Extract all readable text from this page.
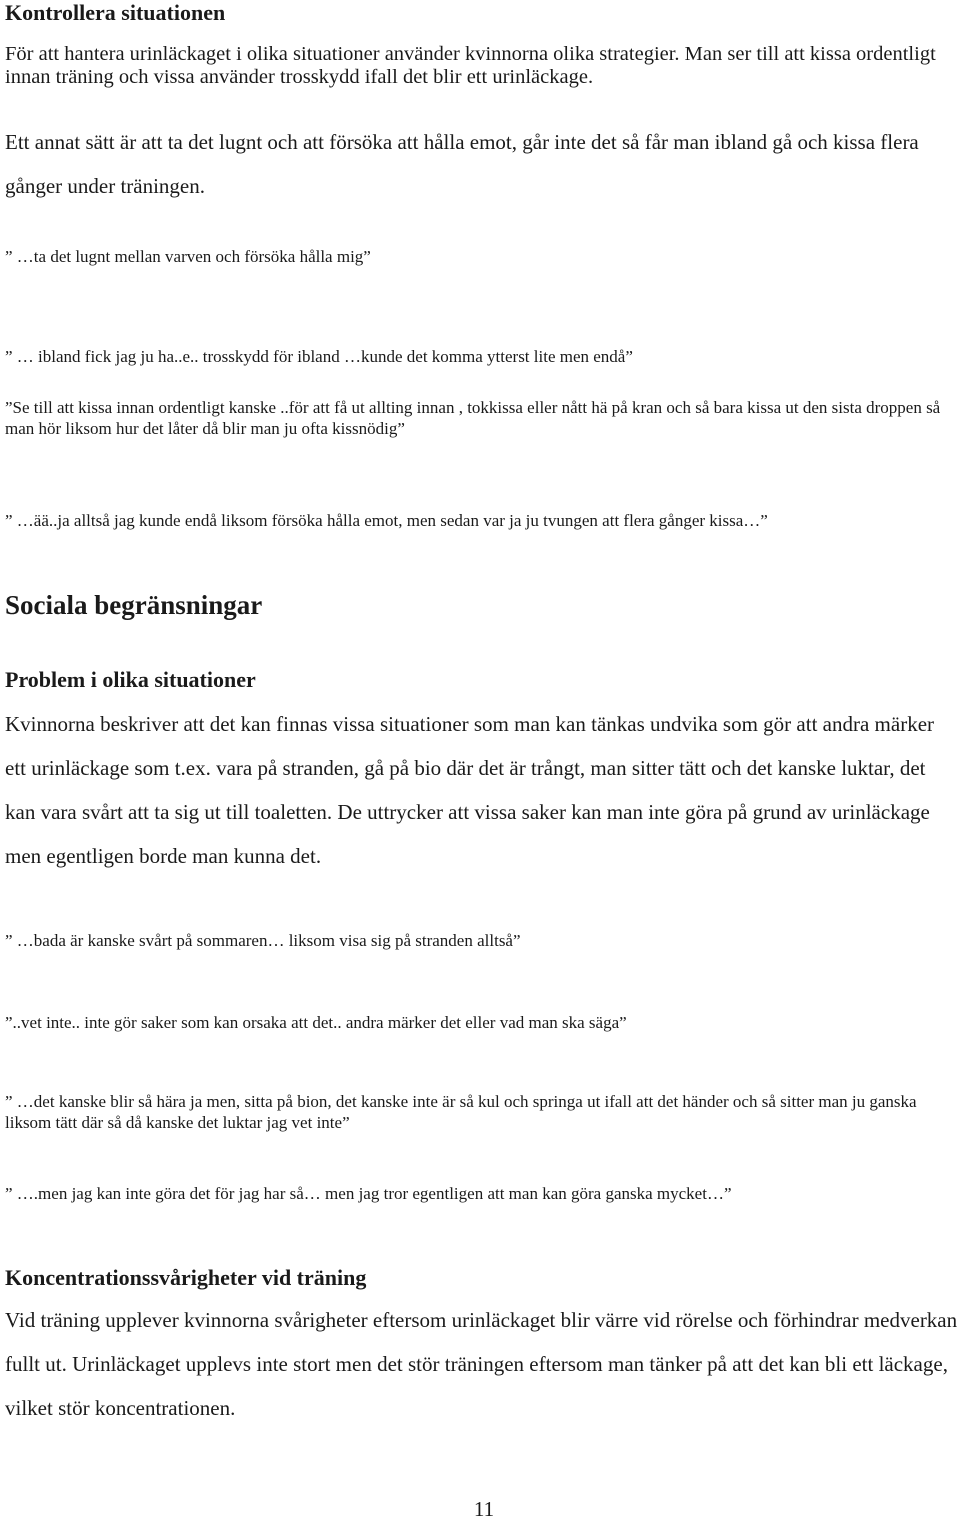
Kontrollera situationen

För att hantera urinläckaget i olika situationer använder kvinnorna olika strategier. Man ser till att kissa ordentligt innan träning och vissa använder trosskydd ifall det blir ett urinläckage.

Ett annat sätt är att ta det lugnt och att försöka att hålla emot, går inte det så får man ibland gå och kissa flera gånger under träningen.

” …ta det lugnt mellan varven och försöka hålla mig”

” … ibland fick jag ju ha..e.. trosskydd för ibland …kunde det komma ytterst lite men endå”

”Se till att kissa innan ordentligt kanske ..för att få ut allting innan , tokkissa eller nått hä på kran och så bara kissa ut den sista droppen så man hör liksom hur det låter då blir man ju ofta kissnödig”

” …ää..ja alltså jag kunde endå liksom försöka hålla emot, men sedan var ja ju tvungen att flera gånger kissa…”

Sociala begränsningar
Problem i olika situationer

Kvinnorna beskriver att det kan finnas vissa situationer som man kan tänkas undvika som gör att andra märker ett urinläckage som t.ex. vara på stranden, gå på bio där det är trångt, man sitter tätt och det kanske luktar, det kan vara svårt att ta sig ut till toaletten. De uttrycker att vissa saker kan man inte göra på grund av urinläckage men egentligen borde man kunna det.

” …bada är kanske svårt på sommaren… liksom visa sig på stranden alltså”

”..vet inte.. inte gör saker som kan orsaka att det.. andra märker det eller vad man ska säga”

” …det kanske blir så hära ja men, sitta på bion, det kanske inte är så kul och springa ut ifall att det händer och så sitter man ju ganska liksom tätt där så då kanske det luktar jag vet inte”

” ….men jag kan inte göra det för jag har så… men jag tror egentligen att man kan göra ganska mycket…”

Koncentrationssvårigheter vid träning

Vid träning upplever kvinnorna svårigheter eftersom urinläckaget blir värre vid rörelse och förhindrar medverkan fullt ut. Urinläckaget upplevs inte stort men det stör träningen eftersom man tänker på att det kan bli ett läckage, vilket stör koncentrationen.

11
